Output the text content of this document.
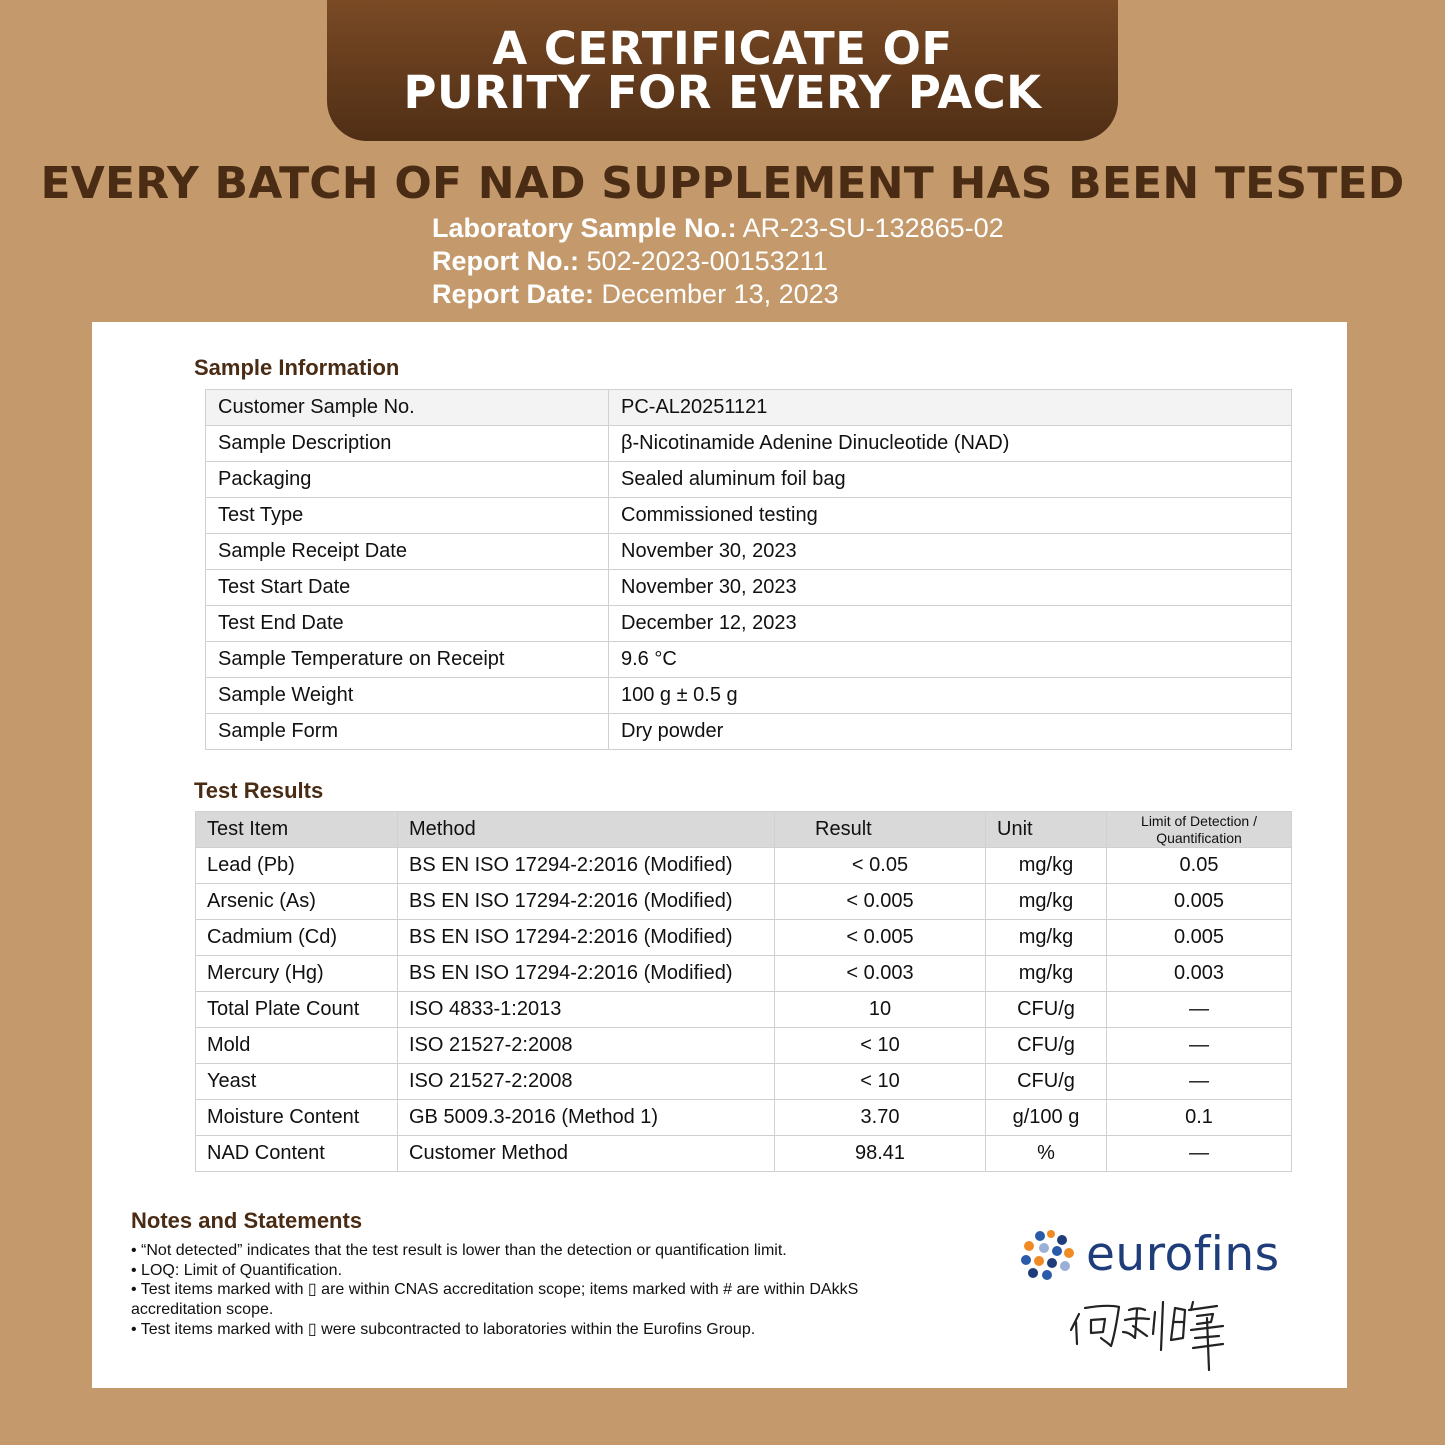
A CERTIFICATE OF
PURITY FOR EVERY PACK
EVERY BATCH OF NAD SUPPLEMENT HAS BEEN TESTED
Laboratory Sample No.: AR-23-SU-132865-02
Report No.: 502-2023-00153211
Report Date: December 13, 2023
Sample Information
Customer Sample No.	PC-AL20251121
Sample Description	β-Nicotinamide Adenine Dinucleotide (NAD)
Packaging	Sealed aluminum foil bag
Test Type	Commissioned testing
Sample Receipt Date	November 30, 2023
Test Start Date	November 30, 2023
Test End Date	December 12, 2023
Sample Temperature on Receipt	9.6 °C
Sample Weight	100 g ± 0.5 g
Sample Form	Dry powder
Test Results
Test Item	Method	Result	Unit	Limit of Detection / Quantification
Lead (Pb)	BS EN ISO 17294-2:2016 (Modified)	< 0.05	mg/kg	0.05
Arsenic (As)	BS EN ISO 17294-2:2016 (Modified)	< 0.005	mg/kg	0.005
Cadmium (Cd)	BS EN ISO 17294-2:2016 (Modified)	< 0.005	mg/kg	0.005
Mercury (Hg)	BS EN ISO 17294-2:2016 (Modified)	< 0.003	mg/kg	0.003
Total Plate Count	ISO 4833-1:2013	10	CFU/g	—
Mold	ISO 21527-2:2008	< 10	CFU/g	—
Yeast	ISO 21527-2:2008	< 10	CFU/g	—
Moisture Content	GB 5009.3-2016 (Method 1)	3.70	g/100 g	0.1
NAD Content	Customer Method	98.41	%	—
Notes and Statements
• “Not detected” indicates that the test result is lower than the detection or quantification limit.
• LOQ: Limit of Quantification.
• Test items marked with ▯ are within CNAS accreditation scope; items marked with # are within DAkkS accreditation scope.
• Test items marked with ▯ were subcontracted to laboratories within the Eurofins Group.
eurofins
